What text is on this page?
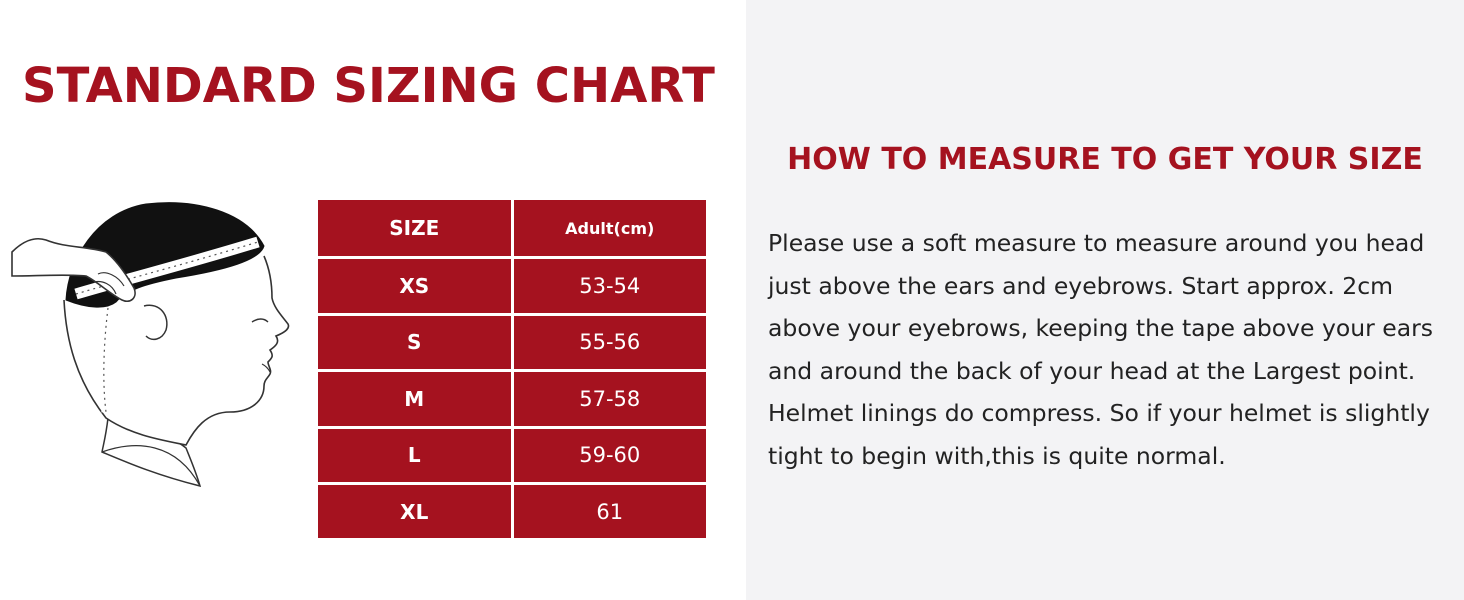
STANDARD SIZING CHART
SIZE	Adult(cm)
XS	53-54
S	55-56
M	57-58
L	59-60
XL	61
HOW TO MEASURE TO GET YOUR SIZE

Please use a soft measure to measure around you head just above the ears and eyebrows. Start approx. 2cm above your eyebrows, keeping the tape above your ears and around the back of your head at the Largest point.

Helmet linings do compress. So if your helmet is slightly tight to begin with,this is quite normal.
